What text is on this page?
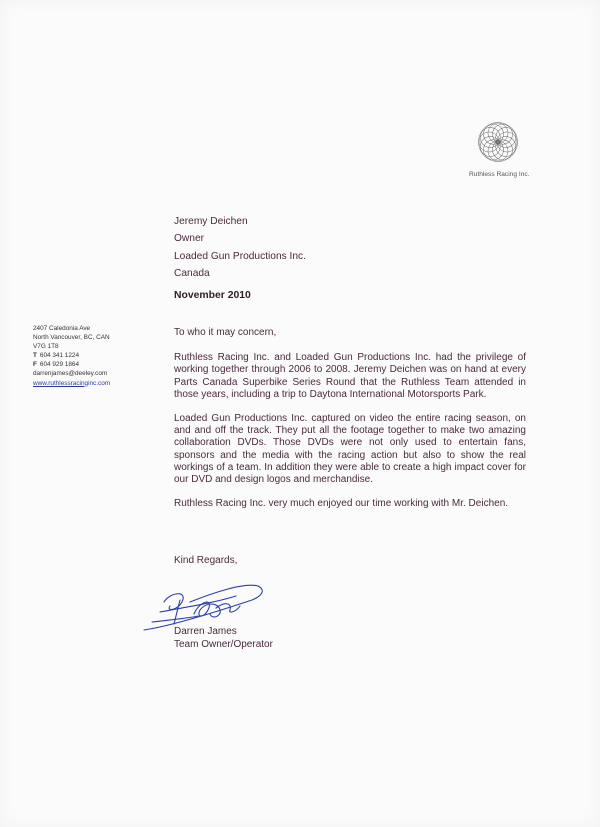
Ruthless Racing Inc.
Jeremy Deichen
Owner
Loaded Gun Productions Inc.
Canada
November 2010
2407 Caledonia Ave
North Vancouver, BC, CAN
V7G 1T8
T 604 341 1224
F 604 929 1864
darrenjames@deeley.com
www.ruthlessracinginc.com

To who it may concern,

Ruthless Racing Inc. and Loaded Gun Productions Inc. had the privilege of working together through 2006 to 2008. Jeremy Deichen was on hand at every Parts Canada Superbike Series Round that the Ruthless Team attended in those years, including a trip to Daytona International Motorsports Park.

Loaded Gun Productions Inc. captured on video the entire racing season, on and and off the track. They put all the footage together to make two amazing collaboration DVDs. Those DVDs were not only used to entertain fans, sponsors and the media with the racing action but also to show the real workings of a team. In addition they were able to create a high impact cover for our DVD and design logos and merchandise.

Ruthless Racing Inc. very much enjoyed our time working with Mr. Deichen.

Kind Regards,
Darren James
Team Owner/Operator
